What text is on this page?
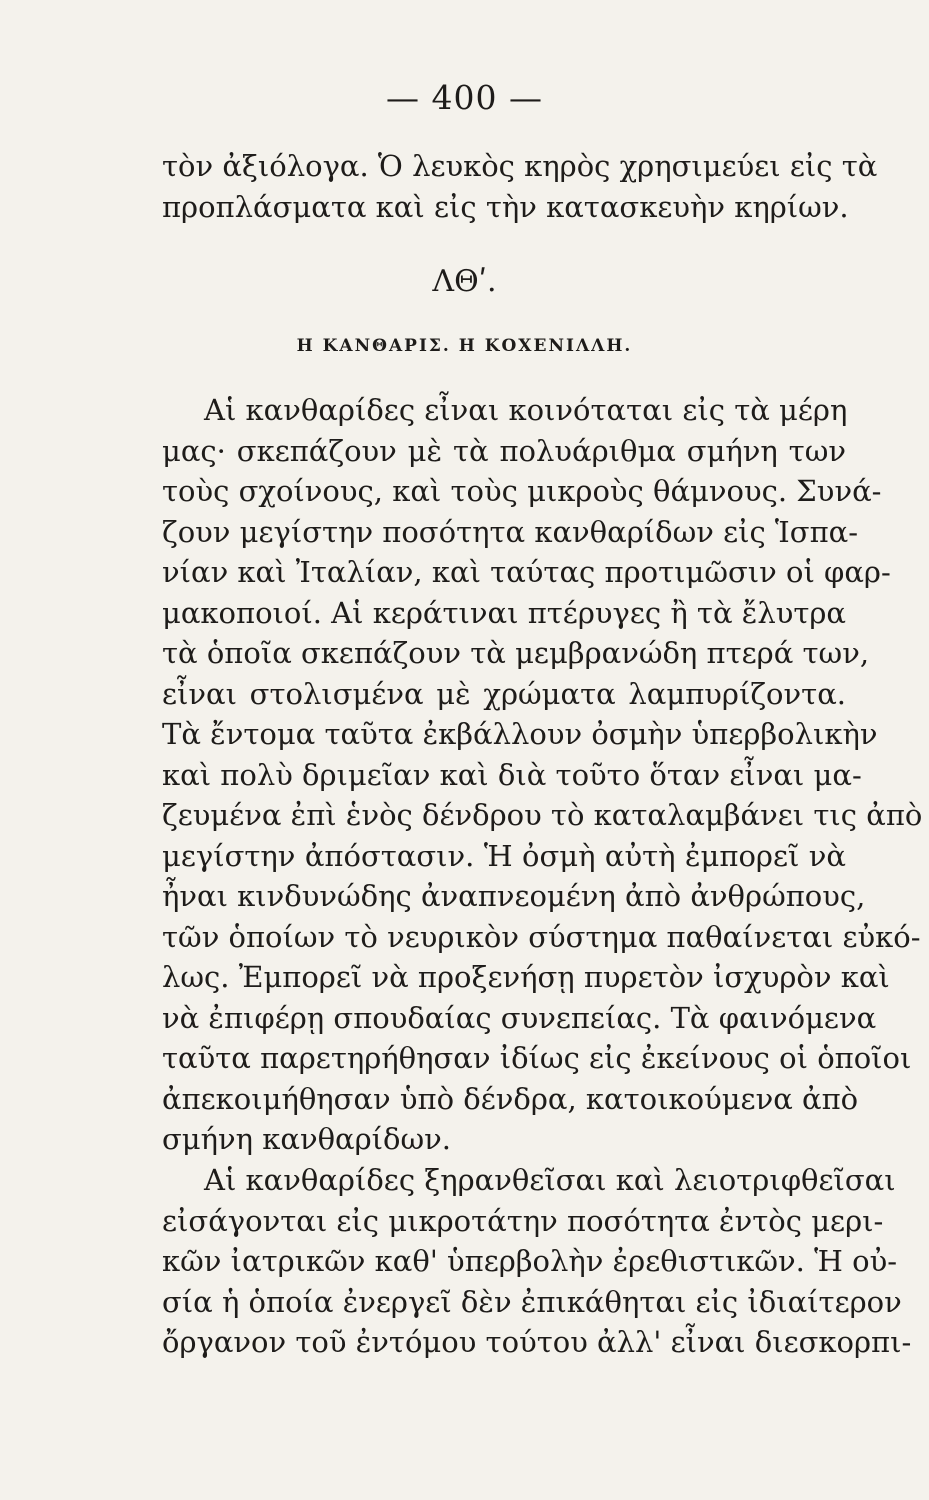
— 400 —
τὸν ἀξιόλογα. Ὁ λευκὸς κηρὸς χρησιμεύει εἰς τὰ
προπλάσματα καὶ εἰς τὴν κατασκευὴν κηρίων.
ΛΘʹ.
Η ΚΑΝΘΑΡΙΣ. Η ΚΟΧΕΝΙΛΛΗ.
Αἱ κανθαρίδες εἶναι κοινόταται εἰς τὰ μέρη
μας· σκεπάζουν μὲ τὰ πολυάριθμα σμήνη των
τοὺς σχοίνους, καὶ τοὺς μικροὺς θάμνους. Συνά-
ζουν μεγίστην ποσότητα κανθαρίδων εἰς Ἱσπα-
νίαν καὶ Ἰταλίαν, καὶ ταύτας προτιμῶσιν οἱ φαρ-
μακοποιοί. Αἱ κεράτιναι πτέρυγες ἢ τὰ ἔλυτρα
τὰ ὁποῖα σκεπάζουν τὰ μεμβρανώδη πτερά των,
εἶναι στολισμένα μὲ χρώματα λαμπυρίζοντα.
Τὰ ἔντομα ταῦτα ἐκβάλλουν ὀσμὴν ὑπερβολικὴν
καὶ πολὺ δριμεῖαν καὶ διὰ τοῦτο ὅταν εἶναι μα-
ζευμένα ἐπὶ ἑνὸς δένδρου τὸ καταλαμβάνει τις ἀπὸ
μεγίστην ἀπόστασιν. Ἡ ὀσμὴ αὐτὴ ἐμπορεῖ νὰ
ἦναι κινδυνώδης ἀναπνεομένη ἀπὸ ἀνθρώπους,
τῶν ὁποίων τὸ νευρικὸν σύστημα παθαίνεται εὐκό-
λως. Ἐμπορεῖ νὰ προξενήσῃ πυρετὸν ἰσχυρὸν καὶ
νὰ ἐπιφέρῃ σπουδαίας συνεπείας. Τὰ φαινόμενα
ταῦτα παρετηρήθησαν ἰδίως εἰς ἐκείνους οἱ ὁποῖοι
ἀπεκοιμήθησαν ὑπὸ δένδρα, κατοικούμενα ἀπὸ
σμήνη κανθαρίδων.
Αἱ κανθαρίδες ξηρανθεῖσαι καὶ λειοτριφθεῖσαι
εἰσάγονται εἰς μικροτάτην ποσότητα ἐντὸς μερι-
κῶν ἰατρικῶν καθ' ὑπερβολὴν ἐρεθιστικῶν. Ἡ οὐ-
σία ἡ ὁποία ἐνεργεῖ δὲν ἐπικάθηται εἰς ἰδιαίτερον
ὄργανον τοῦ ἐντόμου τούτου ἀλλ' εἶναι διεσκορπι-
